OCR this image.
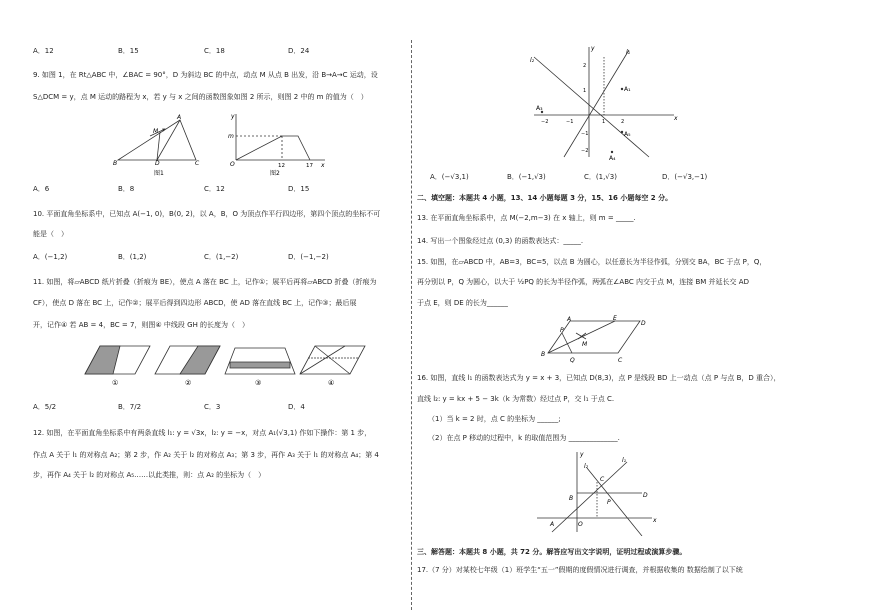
A．12	B．15	C．18	D．24
9. 如图 1，在 Rt△ABC 中，∠BAC = 90°，D 为斜边 BC 的中点，动点 M 从点 B 出发，沿 B→A→C 运动，设
S△DCM = y，点 M 运动的路程为 x，若 y 与 x 之间的函数图象如图 2 所示，则图 2 中的 m 的值为（　）
A
M
B	D	C
图1
y
m
O	12	17 x
图2
A．6	B．8	C．12	D．15
10. 平面直角坐标系中，已知点 A(−1, 0)，B(0, 2)，以 A，B，O 为顶点作平行四边形，第四个顶点的坐标不可
能是（　）
A．(−1,2)	B．(1,2)	C．(1,−2)	D．(−1,−2)
11. 如图，将▱ABCD 纸片折叠（折痕为 BE），使点 A 落在 BC 上，记作①；展平后再将▱ABCD 折叠（折痕为
CF），使点 D 落在 BC 上，记作②；展平后得到四边形 ABCD，使 AD 落在直线 BC 上，记作③；最后展
开，记作④ 若 AB = 4，BC = 7，则图④ 中线段 GH 的长度为（　）
①	②	③	④
A．5/2	B．7/2	C．3	D．4
12. 如图，在平面直角坐标系中有两条直线 l₁: y = √3x，l₂: y = −x，对点 A₁(√3,1) 作如下操作：第 1 步，
作点 A 关于 l₁ 的对称点 A₂；第 2 步，作 A₂ 关于 l₂ 的对称点 A₃；第 3 步，再作 A₃ 关于 l₁ 的对称点 A₄；第 4
步，再作 A₄ 关于 l₂ 的对称点 A₅……以此类推，则：点 A₂ 的坐标为（　）
l₂
l₁
y
x
A₁
A₅
A₄
A₃
−2	−1	1	2
2
1
−1
−2
A．(−√3,1)	B．(−1,√3)	C．(1,√3)	D．(−√3,−1)
二、填空题：本题共 4 小题，13、14 小题每题 3 分，15、16 小题每空 2 分。
13. 在平面直角坐标系中，点 M(−2,m−3) 在 x 轴上，则 m = _____.
14. 写出一个图象经过点 (0,3) 的函数表达式：_____.
15. 如图，在▱ABCD 中，AB=3，BC=5，以点 B 为圆心，以任意长为半径作弧，分别交 BA，BC 于点 P，Q，
再分别以 P，Q 为圆心，以大于 ½PQ 的长为半径作弧，两弧在∠ABC 内交于点 M，连接 BM 并延长交 AD
于点 E，则 DE 的长为______
A	E
D
P
M
B
Q	C
16. 如图，直线 l₁ 的函数表达式为 y = x + 3，已知点 D(8,3)，点 P 是线段 BD 上一动点（点 P 与点 B，D 重合），
直线 l₂: y = kx + 5 − 3k（k 为常数）经过点 P，交 l₁ 于点 C.
（1）当 k = 2 时，点 C 的坐标为 ______;
（2）在点 P 移动的过程中，k 的取值范围为 ______________.
y
l₂
l₁
C
B
P
D
A	O
x
三、解答题：本题共 8 小题，共 72 分。解答应写出文字说明，证明过程或演算步骤。
17.（7 分）对某校七年级（1）班学生“五一”假期的度假情况进行调查，并根据收集的 数据绘制了以下统
